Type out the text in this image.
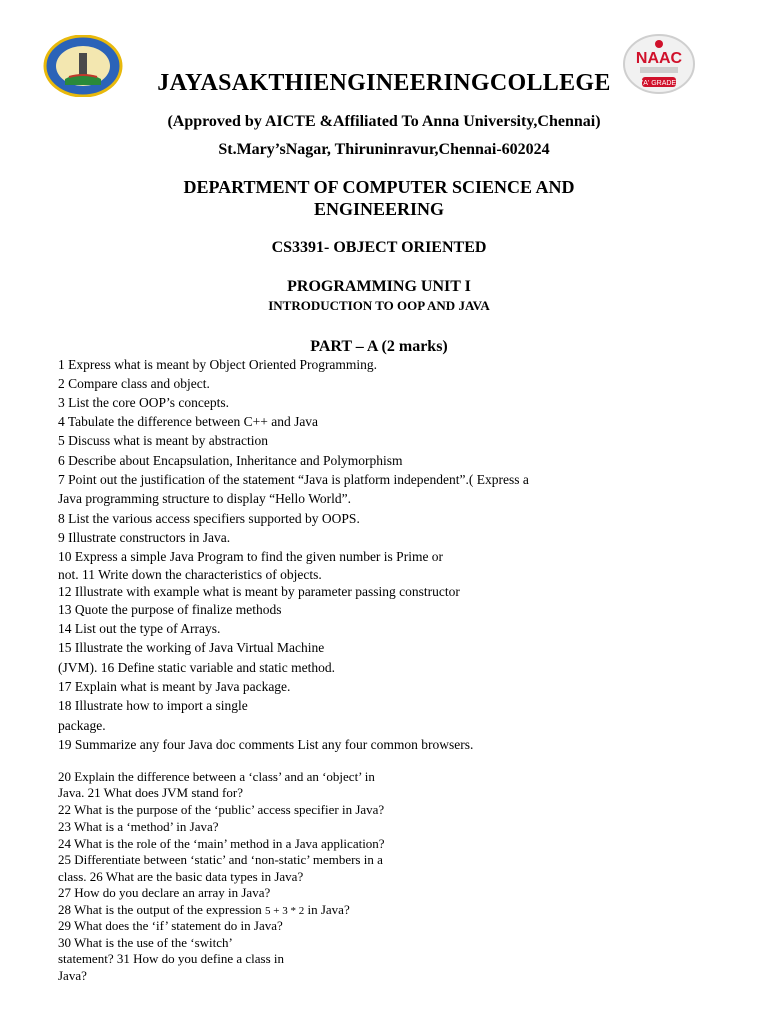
NAAC
'A' GRADE
JAYASAKTHIENGINEERINGCOLLEGE
(Approved by AICTE &Affiliated To Anna University,Chennai)
St.Mary’sNagar, Thiruninravur,Chennai-602024
DEPARTMENT OF COMPUTER SCIENCE AND
ENGINEERING
CS3391- OBJECT ORIENTED
PROGRAMMING UNIT I
INTRODUCTION TO OOP AND JAVA
PART – A (2 marks)
1 Express what is meant by Object Oriented Programming.
2 Compare class and object.
3 List the core OOP’s concepts.
4 Tabulate the difference between C++ and Java
5 Discuss what is meant by abstraction
6 Describe about Encapsulation, Inheritance and Polymorphism
7 Point out the justification of the statement “Java is platform independent”.( Express a
Java programming structure to display “Hello World”.
8 List the various access specifiers supported by OOPS.
9 Illustrate constructors in Java.
10 Express a simple Java Program to find the given number is Prime or
not. 11 Write down the characteristics of objects.
12 Illustrate with example what is meant by parameter passing constructor
13 Quote the purpose of finalize methods
14 List out the type of Arrays.
15 Illustrate the working of Java Virtual Machine
(JVM). 16 Define static variable and static method.
17 Explain what is meant by Java package.
18 Illustrate how to import a single
package.
19 Summarize any four Java doc comments List any four common browsers.
20 Explain the difference between a ‘class’ and an ‘object’ in
Java. 21 What does JVM stand for?
22 What is the purpose of the ‘public’ access specifier in Java?
23 What is a ‘method’ in Java?
24 What is the role of the ‘main’ method in a Java application?
25 Differentiate between ‘static’ and ‘non-static’ members in a
class. 26 What are the basic data types in Java?
27 How do you declare an array in Java?
29 What does the ‘if’ statement do in Java?
30 What is the use of the ‘switch’
statement? 31 How do you define a class in
Java?
28 What is the output of the expression 5 + 3 * 2 in Java?
